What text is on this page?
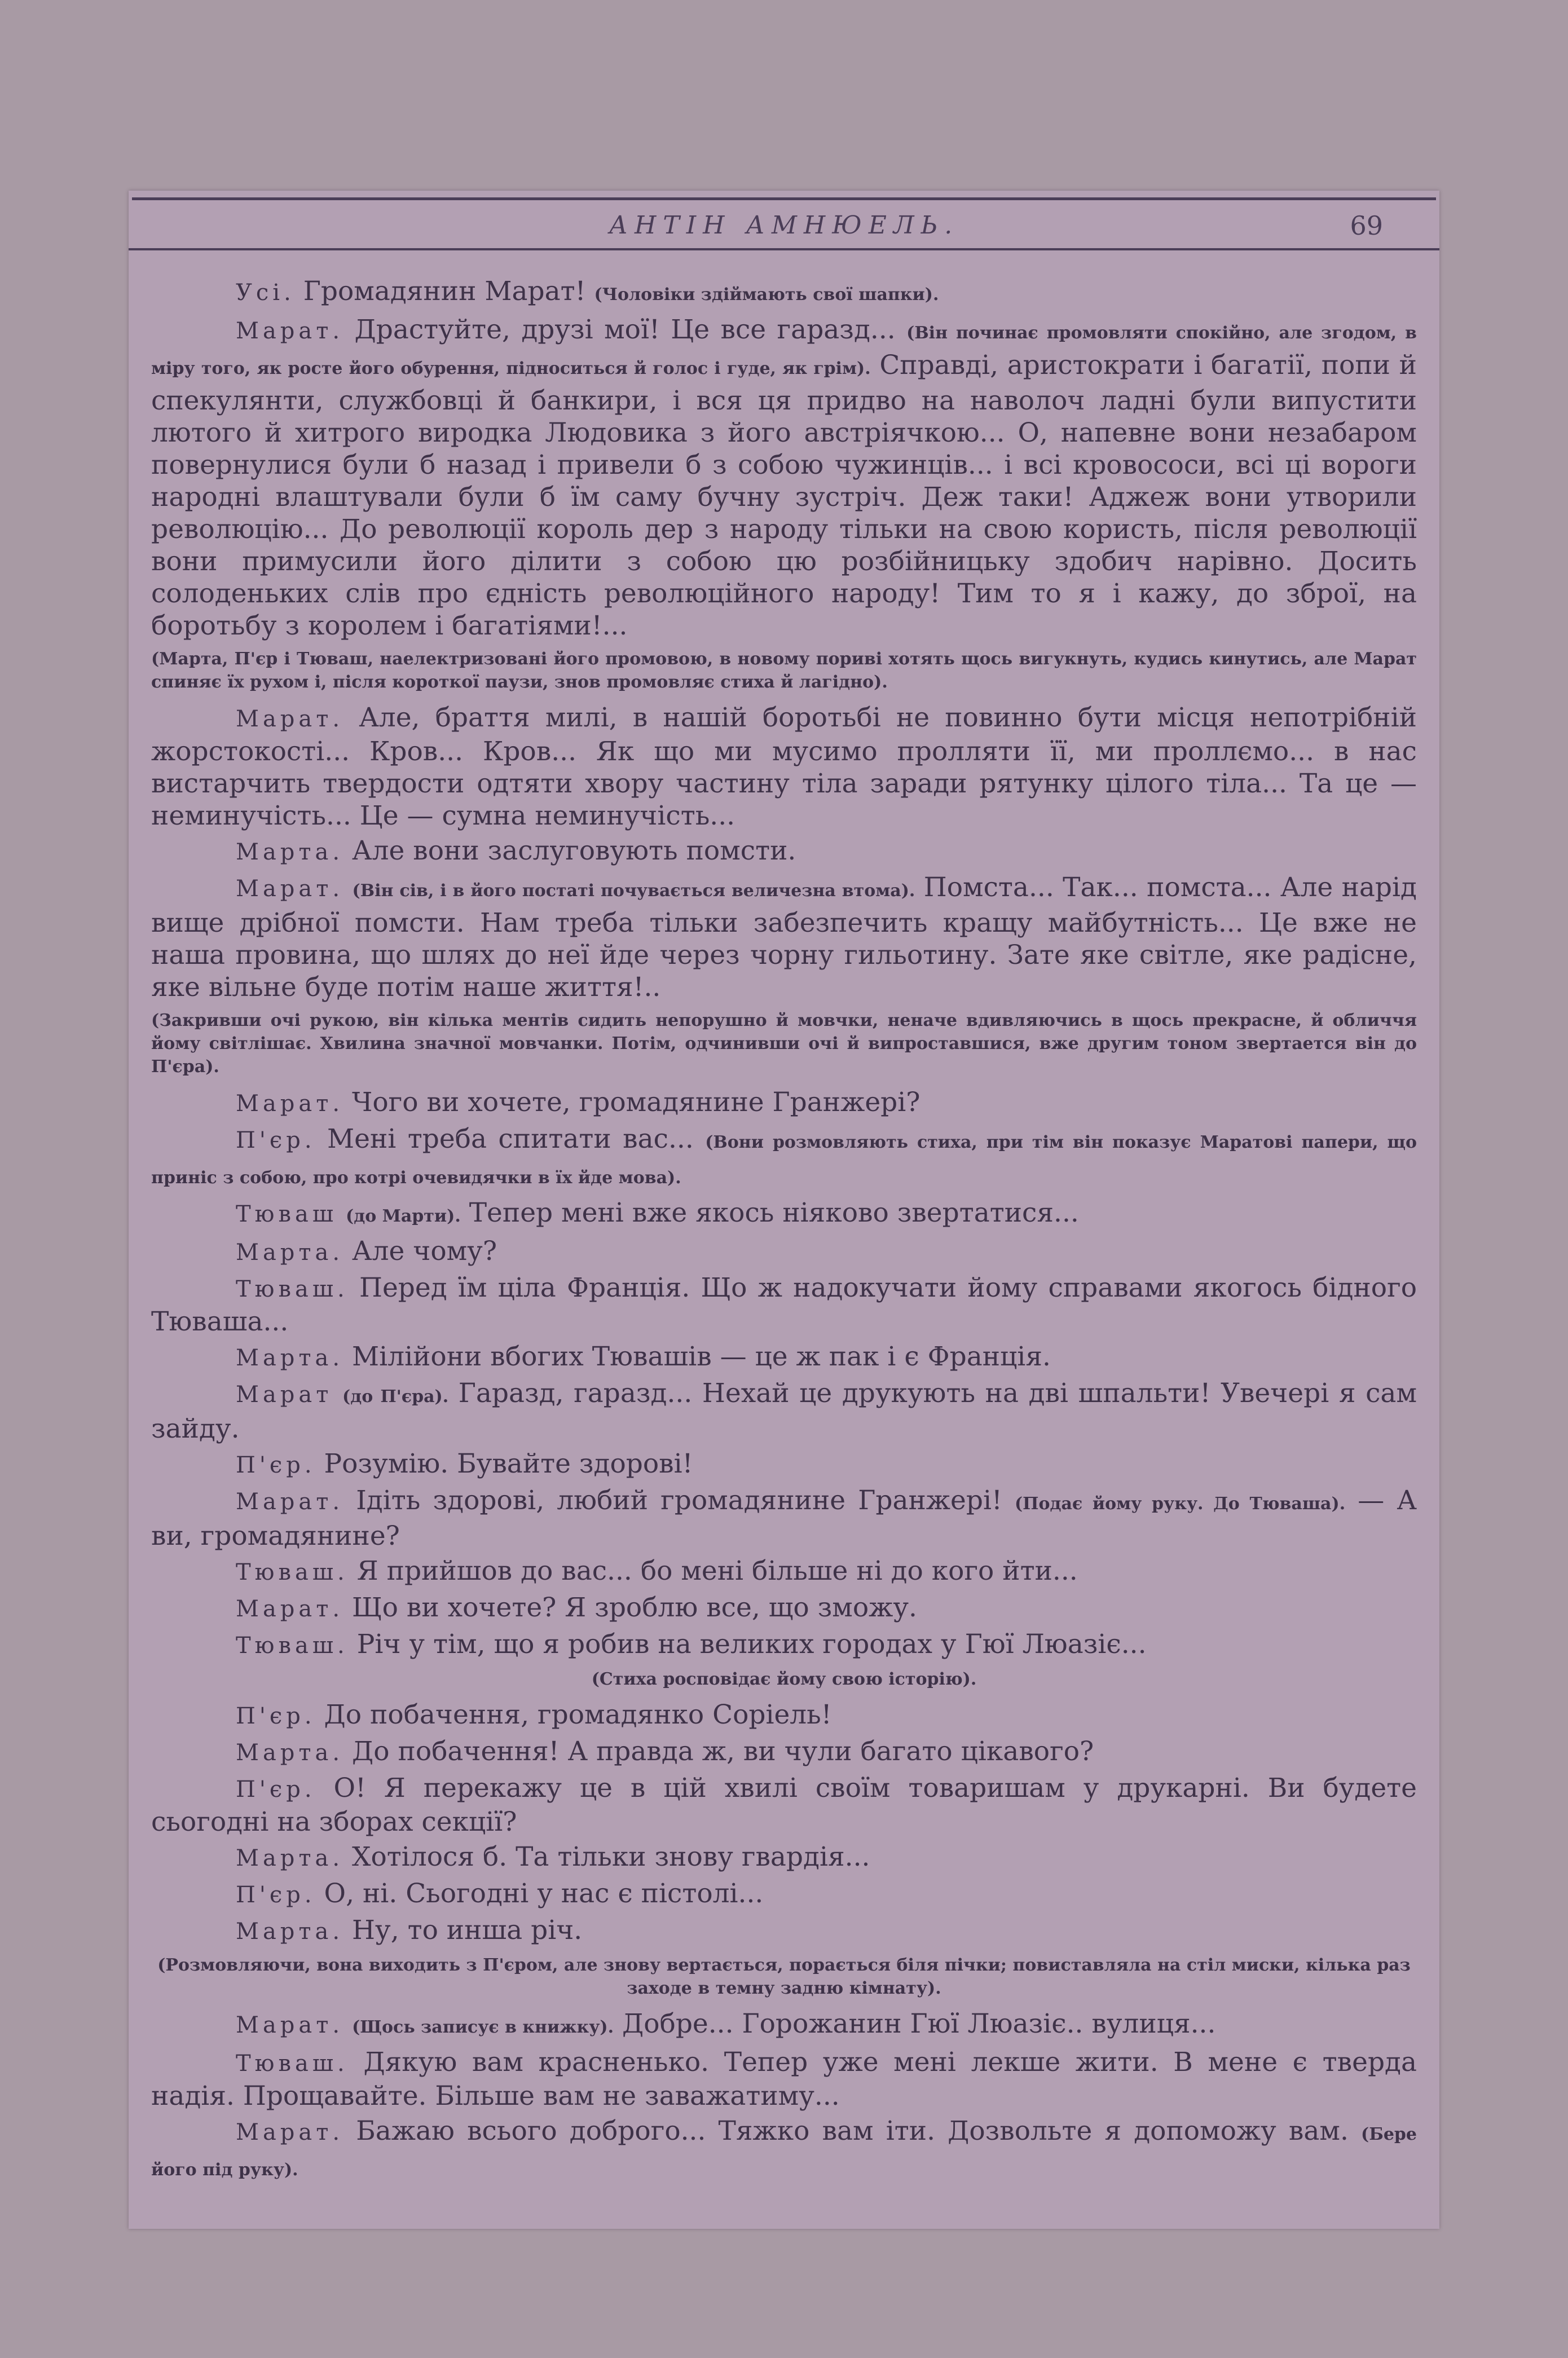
АНТІН АМНЮЕЛЬ.	69

Усі. Громадянин Марат! (Чоловіки здіймають свої шапки).

Марат. Драстуйте, друзі мої! Це все гаразд... (Він починає промовляти спокійно, але згодом, в міру того, як росте його обурення, підноситься й голос і гуде, як грім). Справді, аристократи і багатії, попи й спекулянти, службовці й банкири, і вся ця придво на наволоч ладні були випустити лютого й хитрого виродка Людовика з його австріячкою... О, напевне вони незабаром повернулися були б назад і привели б з собою чужинців... і всі кровососи, всі ці вороги народні влаштували були б їм саму бучну зустріч. Деж таки! Аджеж вони утворили революцію... До революції король дер з народу тільки на свою користь, після революції вони примусили його ділити з собою цю розбійницьку здобич нарівно. Досить солоденьких слів про єдність революційного народу! Тим то я і кажу, до зброї, на боротьбу з королем і багатіями!...

(Марта, П'єр і Тюваш, наелектризовані його промовою, в новому пориві хотять щось вигукнуть, кудись кинутись, але Марат спиняє їх рухом і, після короткої паузи, знов промовляє стиха й лагідно).

Марат. Але, браття милі, в нашій боротьбі не повинно бути місця непотрібній жорстокості... Кров... Кров... Як що ми мусимо пролляти її, ми проллємо... в нас вистарчить твердости одтяти хвору частину тіла заради рятунку цілого тіла... Та це — неминучість... Це — сумна неминучість...

Марта. Але вони заслуговують помсти.

Марат. (Він сів, і в його постаті почувається величезна втома). Помста... Так... помста... Але нарід вище дрібної помсти. Нам треба тільки забезпечить кращу майбутність... Це вже не наша провина, що шлях до неї йде через чорну гильотину. Зате яке світле, яке радісне, яке вільне буде потім наше життя!..

(Закривши очі рукою, він кілька ментів сидить непорушно й мовчки, неначе вдивляючись в щось прекрасне, й обличчя йому світлішає. Хвилина значної мовчанки. Потім, одчинивши очі й випроставшися, вже другим тоном звертается він до П'єра).

Марат. Чого ви хочете, громадянине Гранжері?

П'єр. Мені треба спитати вас... (Вони розмовляють стиха, при тім він показує Маратові папери, що приніс з собою, про котрі очевидячки в їх йде мова).

Тюваш (до Марти). Тепер мені вже якось ніяково звертатися...

Марта. Але чому?

Тюваш. Перед їм ціла Франція. Що ж надокучати йому справами якогось бідного Тюваша...

Марта. Мілійони вбогих Тювашів — це ж пак і є Франція.

Марат (до П'єра). Гаразд, гаразд... Нехай це друкують на дві шпальти! Увечері я сам зайду.

П'єр. Розумію. Бувайте здорові!

Марат. Ідіть здорові, любий громадянине Гранжері! (Подає йому руку. До Тюваша). — А ви, громадянине?

Тюваш. Я прийшов до вас... бо мені більше ні до кого йти...

Марат. Що ви хочете? Я зроблю все, що зможу.

Тюваш. Річ у тім, що я робив на великих городах у Гюї Люазіє...

(Стиха росповідає йому свою історію).

П'єр. До побачення, громадянко Соріель!

Марта. До побачення! А правда ж, ви чули багато цікавого?

П'єр. О! Я перекажу це в цій хвилі своїм товаришам у друкарні. Ви будете сьогодні на зборах секції?

Марта. Хотілося б. Та тільки знову гвардія...

П'єр. О, ні. Сьогодні у нас є пістолі...

Марта. Ну, то инша річ.

(Розмовляючи, вона виходить з П'єром, але знову вертається, порається біля пічки; повиставляла на стіл миски, кілька раз заходе в темну задню кімнату).

Марат. (Щось записує в книжку). Добре... Горожанин Гюї Люазіє.. вулиця...

Тюваш. Дякую вам красненько. Тепер уже мені лекше жити. В мене є тверда надія. Прощавайте. Більше вам не заважатиму...

Марат. Бажаю всього доброго... Тяжко вам іти. Дозвольте я допоможу вам. (Бере його під руку).
